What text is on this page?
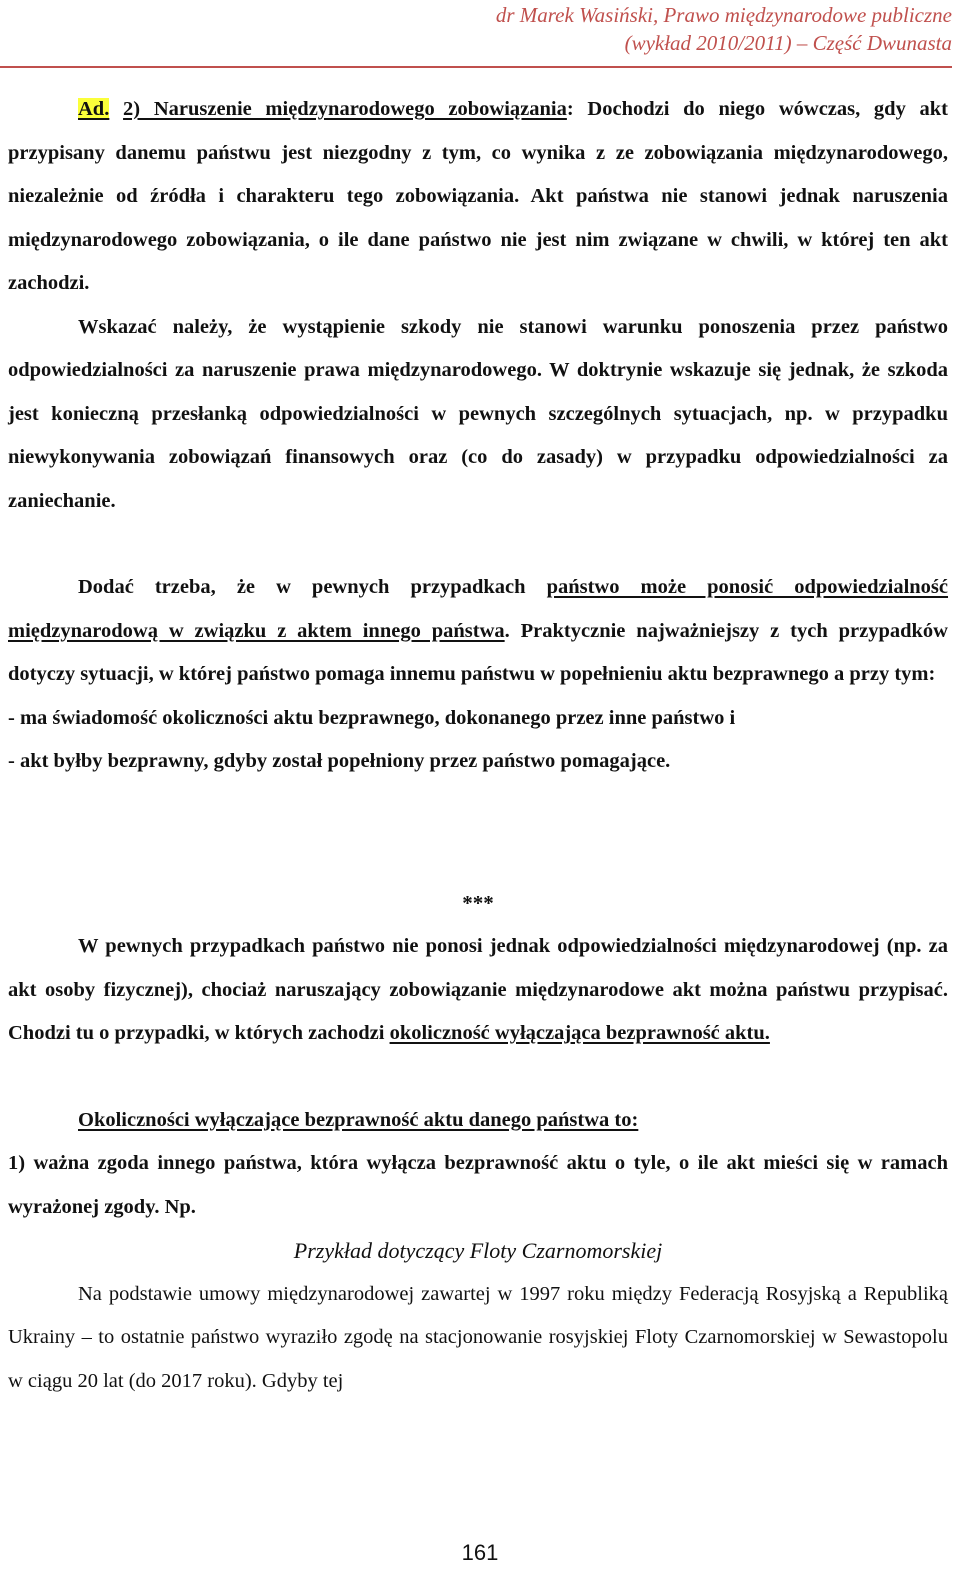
dr Marek Wasiński, Prawo międzynarodowe publiczne
(wykład 2010/2011) – Część Dwunasta

Ad. 2) Naruszenie międzynarodowego zobowiązania: Dochodzi do niego wówczas, gdy akt przypisany danemu państwu jest niezgodny z tym, co wynika z ze zobowiązania międzynarodowego, niezależnie od źródła i charakteru tego zobowiązania. Akt państwa nie stanowi jednak naruszenia międzynarodowego zobowiązania, o ile dane państwo nie jest nim związane w chwili, w której ten akt zachodzi.

Wskazać należy, że wystąpienie szkody nie stanowi warunku ponoszenia przez państwo odpowiedzialności za naruszenie prawa międzynarodowego. W doktrynie wskazuje się jednak, że szkoda jest konieczną przesłanką odpowiedzialności w pewnych szczególnych sytuacjach, np. w przypadku niewykonywania zobowiązań finansowych oraz (co do zasady) w przypadku odpowiedzialności za zaniechanie.

Dodać trzeba, że w pewnych przypadkach państwo może ponosić odpowiedzialność międzynarodową w związku z aktem innego państwa. Praktycznie najważniejszy z tych przypadków dotyczy sytuacji, w której państwo pomaga innemu państwu w popełnieniu aktu bezprawnego a przy tym:

- ma świadomość okoliczności aktu bezprawnego, dokonanego przez inne państwo i

- akt byłby bezprawny, gdyby został popełniony przez państwo pomagające.

***

W pewnych przypadkach państwo nie ponosi jednak odpowiedzialności międzynarodowej (np. za akt osoby fizycznej), chociaż naruszający zobowiązanie międzynarodowe akt można państwu przypisać. Chodzi tu o przypadki, w których zachodzi okoliczność wyłączająca bezprawność aktu.

Okoliczności wyłączające bezprawność aktu danego państwa to:

1) ważna zgoda innego państwa, która wyłącza bezprawność aktu o tyle, o ile akt mieści się w ramach wyrażonej zgody. Np.

Przykład dotyczący Floty Czarnomorskiej

Na podstawie umowy międzynarodowej zawartej w 1997 roku między Federacją Rosyjską a Republiką Ukrainy – to ostatnie państwo wyraziło zgodę na stacjonowanie rosyjskiej Floty Czarnomorskiej w Sewastopolu w ciągu 20 lat (do 2017 roku). Gdyby tej

161
